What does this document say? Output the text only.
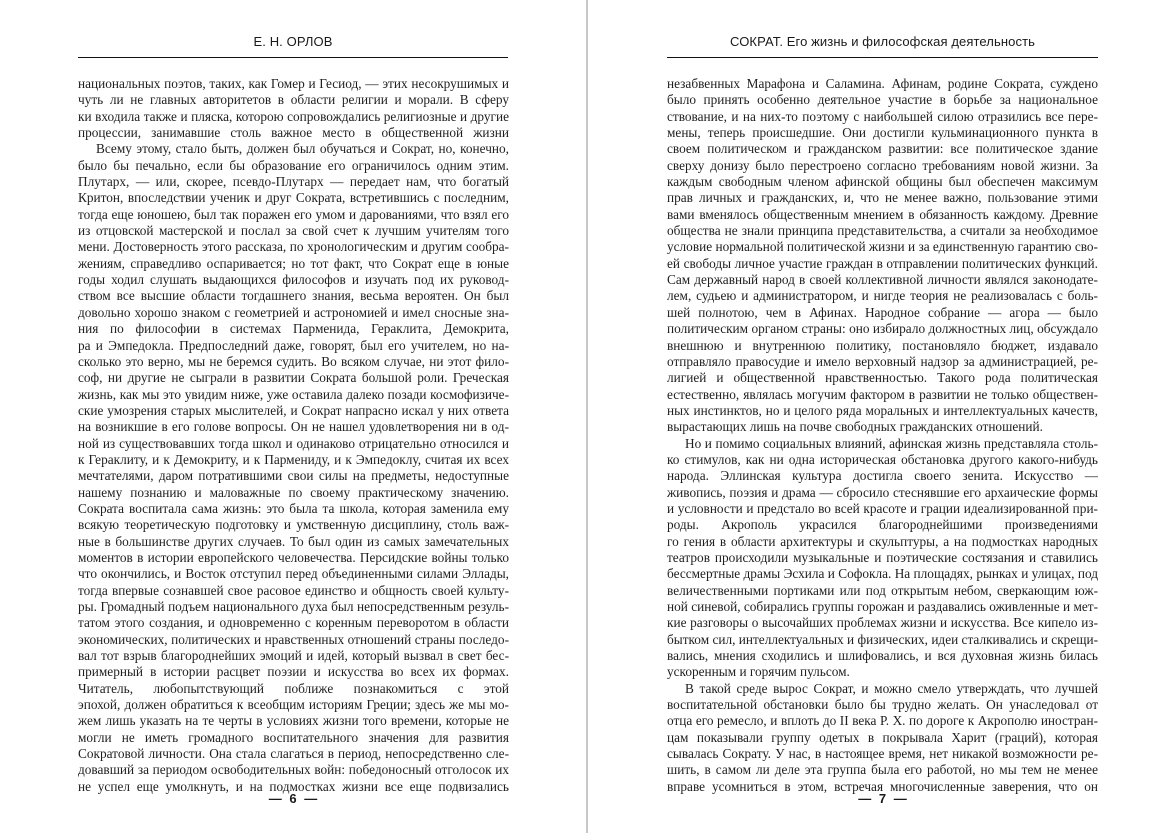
Е. Н. ОРЛОВ
национальных поэтов, таких, как Гомер и Гесиод, — этих несокрушимых и
чуть ли не главных авторитетов в области религии и морали. В сферу
ки входила также и пляска, которою сопровождались религиозные и другие
процессии, занимавшие столь важное место в общественной жизни
Всему этому, стало быть, должен был обучаться и Сократ, но, конечно,
было бы печально, если бы образование его ограничилось одним этим.
Плутарх, — или, скорее, псевдо-Плутарх — передает нам, что богатый
Критон, впоследствии ученик и друг Сократа, встретившись с последним,
тогда еще юношею, был так поражен его умом и дарованиями, что взял его
из отцовской мастерской и послал за свой счет к лучшим учителям того
мени. Достоверность этого рассказа, по хронологическим и другим сообра-
жениям, справедливо оспаривается; но тот факт, что Сократ еще в юные
годы ходил слушать выдающихся философов и изучать под их руковод-
ством все высшие области тогдашнего знания, весьма вероятен. Он был
довольно хорошо знаком с геометрией и астрономией и имел сносные зна-
ния по философии в системах Парменида, Гераклита, Демокрита,
ра и Эмпедокла. Предпоследний даже, говорят, был его учителем, но на-
сколько это верно, мы не беремся судить. Во всяком случае, ни этот фило-
соф, ни другие не сыграли в развитии Сократа большой роли. Греческая
жизнь, как мы это увидим ниже, уже оставила далеко позади космофизиче-
ские умозрения старых мыслителей, и Сократ напрасно искал у них ответа
на возникшие в его голове вопросы. Он не нашел удовлетворения ни в од-
ной из существовавших тогда школ и одинаково отрицательно относился и
к Гераклиту, и к Демокриту, и к Пармениду, и к Эмпедоклу, считая их всех
мечтателями, даром потратившими свои силы на предметы, недоступные
нашему познанию и маловажные по своему практическому значению.
Сократа воспитала сама жизнь: это была та школа, которая заменила ему
всякую теоретическую подготовку и умственную дисциплину, столь важ-
ные в большинстве других случаев. То был один из самых замечательных
моментов в истории европейского человечества. Персидские войны только
что окончились, и Восток отступил перед объединенными силами Эллады,
тогда впервые сознавшей свое расовое единство и общность своей культу-
ры. Громадный подъем национального духа был непосредственным резуль-
татом этого создания, и одновременно с коренным переворотом в области
экономических, политических и нравственных отношений страны последо-
вал тот взрыв благороднейших эмоций и идей, который вызвал в свет бес-
примерный в истории расцвет поэзии и искусства во всех их формах.
Читатель, любопытствующий поближе познакомиться с этой
эпохой, должен обратиться к всеобщим историям Греции; здесь же мы мо-
жем лишь указать на те черты в условиях жизни того времени, которые не
могли не иметь громадного воспитательного значения для развития
Сократовой личности. Она стала слагаться в период, непосредственно сле-
довавший за периодом освободительных войн: победоносный отголосок их
не успел еще умолкнуть, и на подмостках жизни все еще подвизались
— 6 —
СОКРАТ. Его жизнь и философская деятельность
незабвенных Марафона и Саламина. Афинам, родине Сократа, суждено
было принять особенно деятельное участие в борьбе за национальное
ствование, и на них-то поэтому с наибольшей силою отразились все пере-
мены, теперь происшедшие. Они достигли кульминационного пункта в
своем политическом и гражданском развитии: все политическое здание
сверху донизу было перестроено согласно требованиям новой жизни. За
каждым свободным членом афинской общины был обеспечен максимум
прав личных и гражданских, и, что не менее важно, пользование этими
вами вменялось общественным мнением в обязанность каждому. Древние
общества не знали принципа представительства, а считали за необходимое
условие нормальной политической жизни и за единственную гарантию сво-
ей свободы личное участие граждан в отправлении политических функций.
Сам державный народ в своей коллективной личности являлся законодате-
лем, судьею и администратором, и нигде теория не реализовалась с боль-
шей полнотою, чем в Афинах. Народное собрание — агора — было
политическим органом страны: оно избирало должностных лиц, обсуждало
внешнюю и внутреннюю политику, постановляло бюджет, издавало
отправляло правосудие и имело верховный надзор за администрацией, ре-
лигией и общественной нравственностью. Такого рода политическая
естественно, являлась могучим фактором в развитии не только обществен-
ных инстинктов, но и целого ряда моральных и интеллектуальных качеств,
вырастающих лишь на почве свободных гражданских отношений.
Но и помимо социальных влияний, афинская жизнь представляла столь-
ко стимулов, как ни одна историческая обстановка другого какого-нибудь
народа. Эллинская культура достигла своего зенита. Искусство —
живопись, поэзия и драма — сбросило стеснявшие его архаические формы
и условности и предстало во всей красоте и грации идеализированной при-
роды. Акрополь украсился благороднейшими произведениями
го гения в области архитектуры и скульптуры, а на подмостках народных
театров происходили музыкальные и поэтические состязания и ставились
бессмертные драмы Эсхила и Софокла. На площадях, рынках и улицах, под
величественными портиками или под открытым небом, сверкающим юж-
ной синевой, собирались группы горожан и раздавались оживленные и мет-
кие разговоры о высочайших проблемах жизни и искусства. Все кипело из-
бытком сил, интеллектуальных и физических, идеи сталкивались и скрещи-
вались, мнения сходились и шлифовались, и вся духовная жизнь билась
ускоренным и горячим пульсом.
В такой среде вырос Сократ, и можно смело утверждать, что лучшей
воспитательной обстановки было бы трудно желать. Он унаследовал от
отца его ремесло, и вплоть до II века Р. Х. по дороге к Акрополю иностран-
цам показывали группу одетых в покрывала Харит (граций), которая
сывалась Сократу. У нас, в настоящее время, нет никакой возможности ре-
шить, в самом ли деле эта группа была его работой, но мы тем не менее
вправе усомниться в этом, встречая многочисленные заверения, что он
— 7 —
